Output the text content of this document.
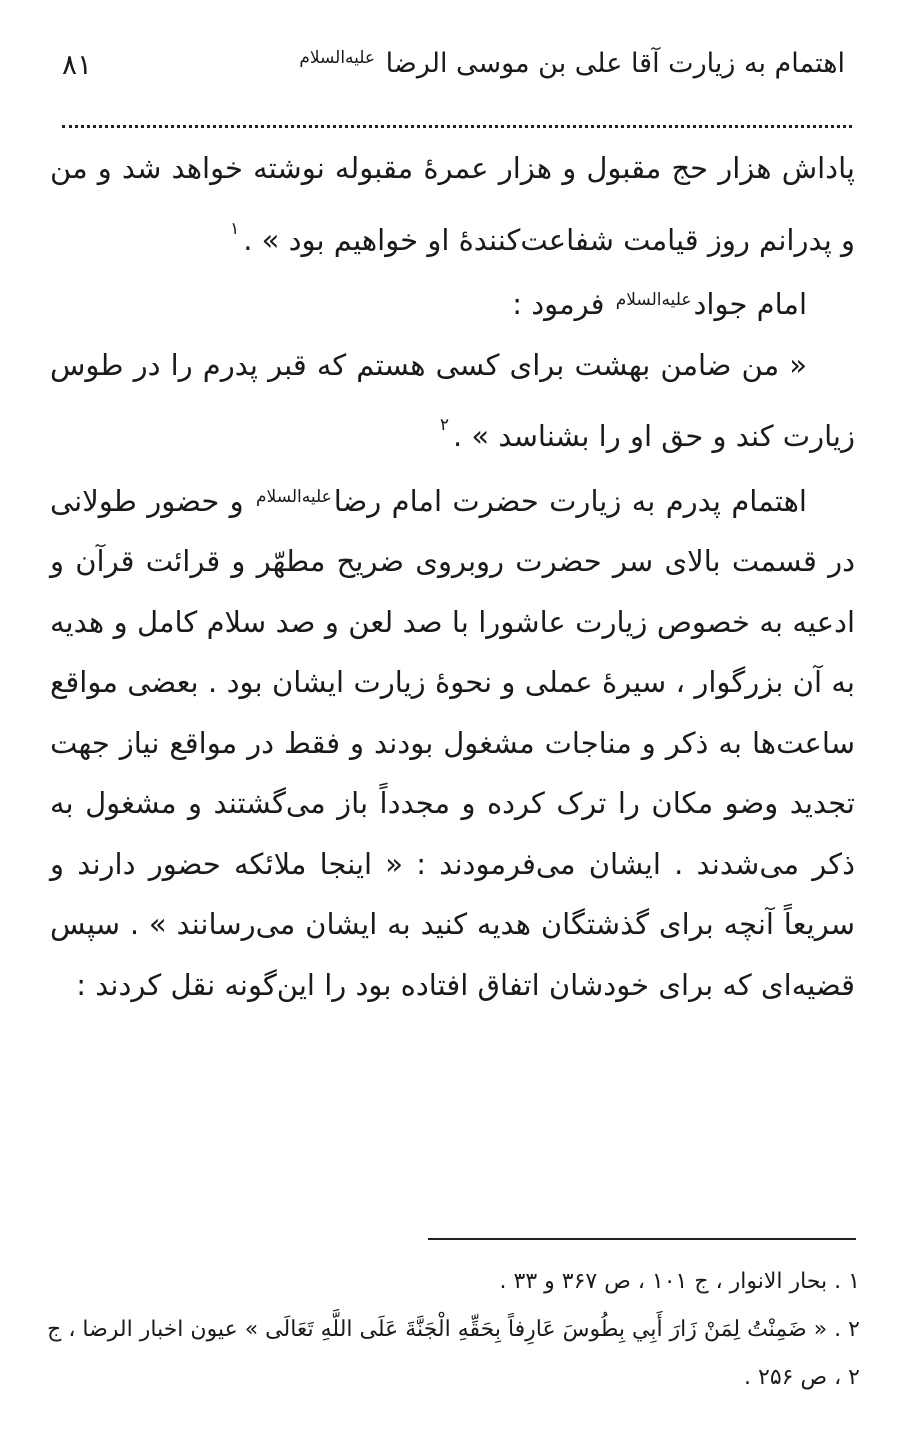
اهتمام به زیارت آقا علی بن موسی الرضا $^{علیه‌السلام}$
۸۱

پاداش هزار حج مقبول و هزار عمرهٔ مقبوله نوشته خواهد شد و من و پدرانم روز قیامت شفاعت‌کنندهٔ او خواهیم بود » .$^۱$

امام جواد$^{علیه‌السلام}$ فرمود :

« من ضامن بهشت برای کسی هستم که قبر پدرم را در طوس زیارت کند و حق او را بشناسد » .$^۲$

اهتمام پدرم به زیارت حضرت امام رضا$^{علیه‌السلام}$ و حضور طولانی در قسمت بالای سر حضرت روبروی ضریح مطهّر و قرائت قرآن و ادعیه به خصوص زیارت عاشورا با صد لعن و صد سلام کامل و هدیه به آن بزرگوار ، سیرهٔ عملی و نحوهٔ زیارت ایشان بود . بعضی مواقع ساعت‌ها به ذکر و مناجات مشغول بودند و فقط در مواقع نیاز جهت تجدید وضو مکان را ترک کرده و مجدداً باز می‌گشتند و مشغول به ذکر می‌شدند . ایشان می‌فرمودند : « اینجا ملائکه حضور دارند و سریعاً آنچه برای گذشتگان هدیه کنید به ایشان می‌رسانند » . سپس قضیه‌ای که برای خودشان اتفاق افتاده بود را این‌گونه نقل کردند :

۱ . بحار الانوار ، ج ۱۰۱ ، ص ۳۶۷ و ۳۳ .

۲ . « ضَمِنْتُ لِمَنْ زَارَ أَبِي بِطُوسَ عَارِفاً بِحَقِّهِ الْجَنَّةَ عَلَى اللَّهِ تَعَالَى » عیون اخبار الرضا ، ج ۲ ، ص ۲۵۶ .
